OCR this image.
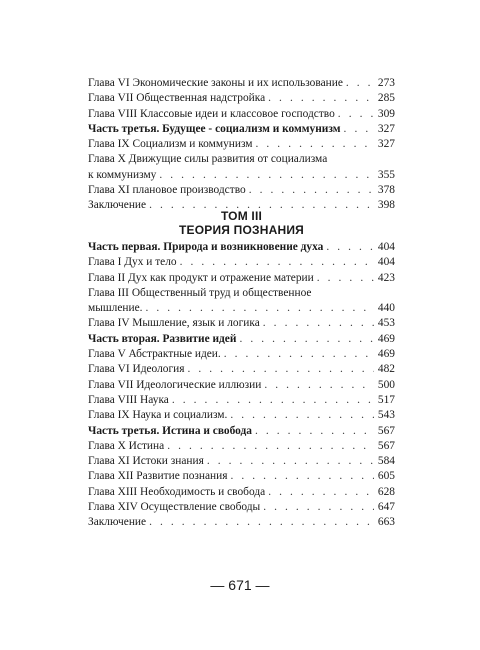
Глава VI Экономические законы и их использование . . .	273
Глава VII Общественная надстройка . . .	285
Глава VIII Классовые идеи и классовое господство . . .	309
Часть третья. Будущее - социализм и коммунизм . . .	327
Глава IX Социализм и коммунизм . . .	327
Глава X Движущие силы развития от социализма
к коммунизму . . .	355
Глава XI плановое производство . . .	378
Заключение . . .	398
ТОМ III
ТЕОРИЯ ПОЗНАНИЯ
Часть первая. Природа и возникновение духа . . .	404
Глава I Дух и тело . . .	404
Глава II Дух как продукт и отражение материи . . .	423
Глава III Общественный труд и общественное
мышление. . . .	440
Глава IV Мышление, язык и логика . . .	453
Часть вторая. Развитие идей . . .	469
Глава V Абстрактные идеи. . . .	469
Глава VI Идеология . . .	482
Глава VII Идеологические иллюзии . . .	500
Глава VIII Наука . . .	517
Глава IX Наука и социализм. . . .	543
Часть третья. Истина и свобода . . .	567
Глава X Истина . . .	567
Глава XI Истоки знания . . .	584
Глава XII Развитие познания . . .	605
Глава XIII Необходимость и свобода . . .	628
Глава XIV Осуществление свободы . . .	647
Заключение . . .	663
— 671 —
